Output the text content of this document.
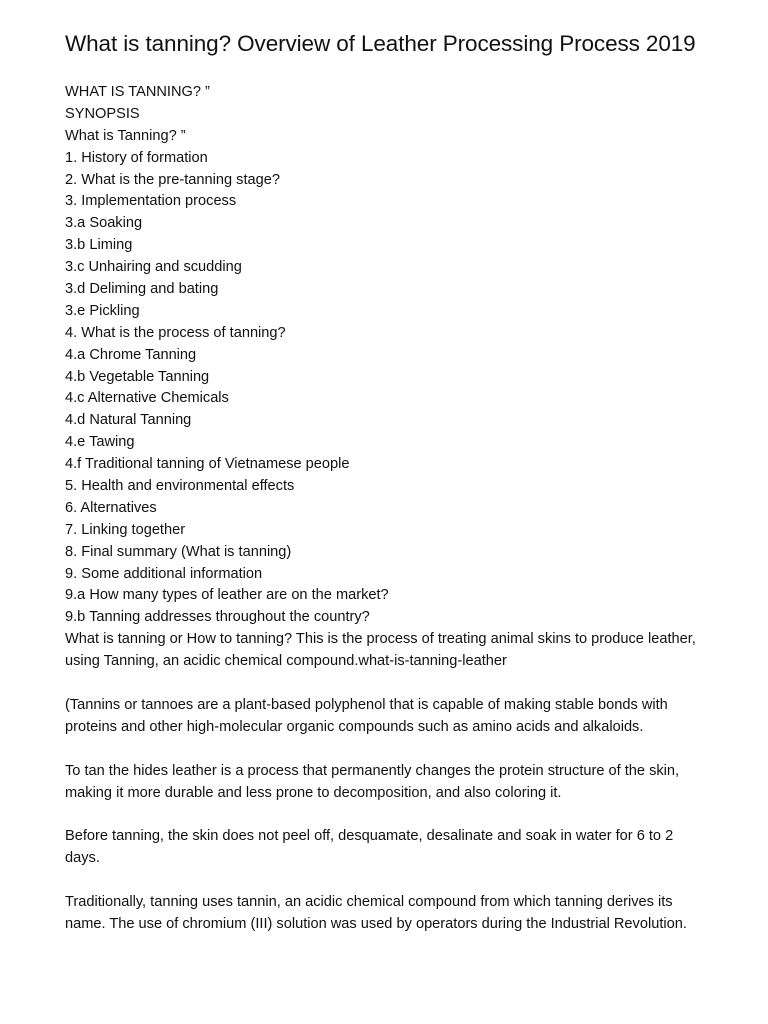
What is tanning? Overview of Leather Processing Process 2019
WHAT IS TANNING? ”
SYNOPSIS
What is Tanning? ”
1. History of formation
2. What is the pre-tanning stage?
3. Implementation process
3.a Soaking
3.b Liming
3.c Unhairing and scudding
3.d Deliming and bating
3.e Pickling
4. What is the process of tanning?
4.a Chrome Tanning
4.b Vegetable Tanning
4.c Alternative Chemicals
4.d Natural Tanning
4.e Tawing
4.f Traditional tanning of Vietnamese people
5. Health and environmental effects
6. Alternatives
7. Linking together
8. Final summary (What is tanning)
9. Some additional information
9.a How many types of leather are on the market?
9.b Tanning addresses throughout the country?

What is tanning or How to tanning? This is the process of treating animal skins to produce leather, using Tanning, an acidic chemical compound.what-is-tanning-leather

(Tannins or tannoes are a plant-based polyphenol that is capable of making stable bonds with proteins and other high-molecular organic compounds such as amino acids and alkaloids.

To tan the hides leather is a process that permanently changes the protein structure of the skin, making it more durable and less prone to decomposition, and also coloring it.

Before tanning, the skin does not peel off, desquamate, desalinate and soak in water for 6 to 2 days.

Traditionally, tanning uses tannin, an acidic chemical compound from which tanning derives its name. The use of chromium (III) solution was used by operators during the Industrial Revolution.
